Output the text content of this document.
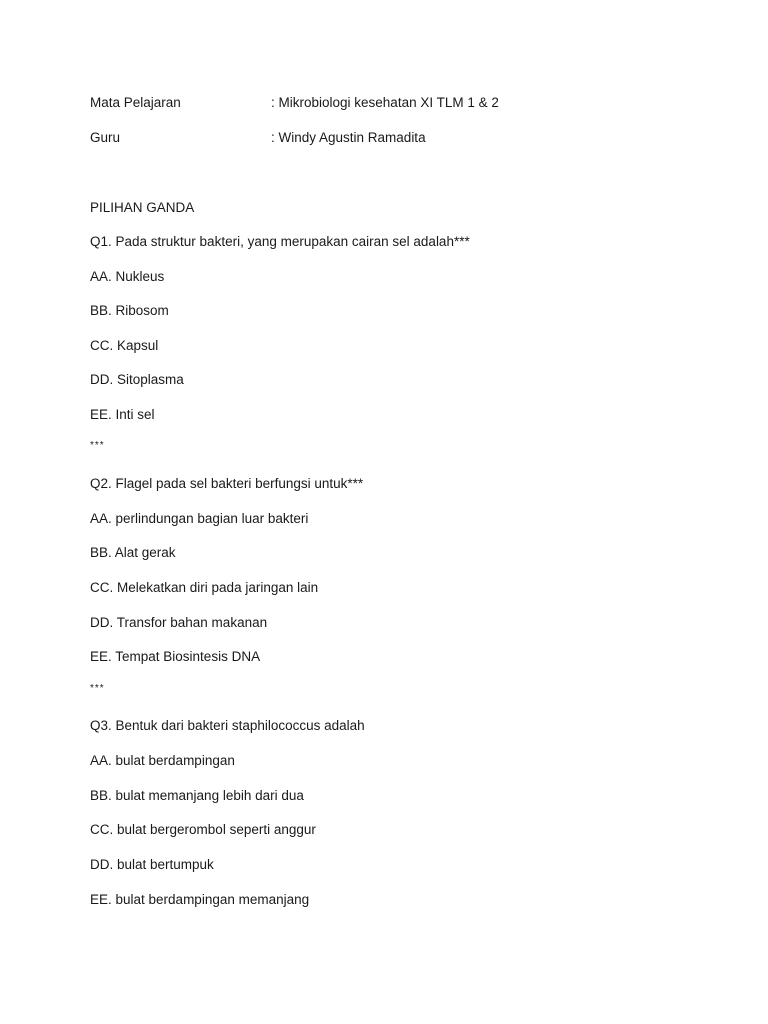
Mata Pelajaran	: Mikrobiologi kesehatan XI TLM 1 & 2
Guru	: Windy Agustin Ramadita
PILIHAN GANDA
Q1. Pada struktur bakteri, yang merupakan cairan sel adalah***
AA. Nukleus
BB. Ribosom
CC. Kapsul
DD. Sitoplasma
EE. Inti sel
***
Q2. Flagel pada sel bakteri berfungsi untuk***
AA. perlindungan bagian luar bakteri
BB. Alat gerak
CC. Melekatkan diri pada jaringan lain
DD. Transfor bahan makanan
EE. Tempat Biosintesis DNA
***
Q3. Bentuk dari bakteri staphilococcus adalah
AA. bulat berdampingan
BB. bulat memanjang lebih dari dua
CC. bulat bergerombol seperti anggur
DD. bulat bertumpuk
EE. bulat berdampingan memanjang
